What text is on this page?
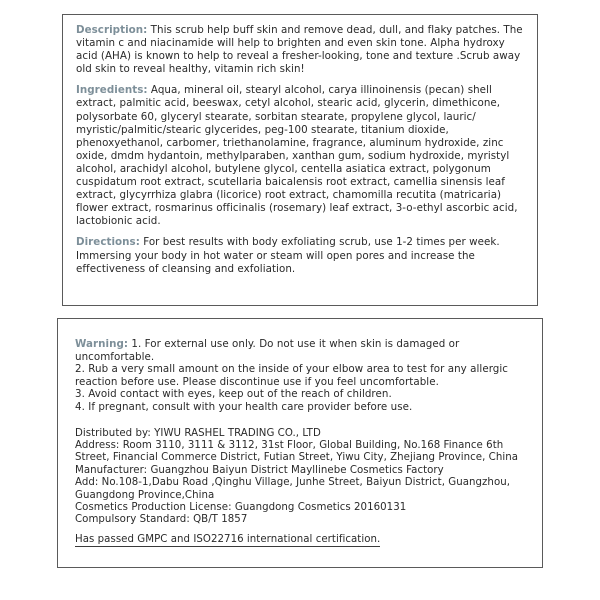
Description: This scrub help buff skin and remove dead, dull, and flaky patches. The vitamin c and niacinamide will help to brighten and even skin tone. Alpha hydroxy acid (AHA) is known to help to reveal a fresher-looking, tone and texture .Scrub away old skin to reveal healthy, vitamin rich skin!

Ingredients: Aqua, mineral oil, stearyl alcohol, carya illinoinensis (pecan) shell extract, palmitic acid, beeswax, cetyl alcohol, stearic acid, glycerin, dimethicone, polysorbate 60, glyceryl stearate, sorbitan stearate, propylene glycol, lauric/ myristic/palmitic/stearic glycerides, peg-100 stearate, titanium dioxide, phenoxyethanol, carbomer, triethanolamine, fragrance, aluminum hydroxide, zinc oxide, dmdm hydantoin, methylparaben, xanthan gum, sodium hydroxide, myristyl alcohol, arachidyl alcohol, butylene glycol, centella asiatica extract, polygonum cuspidatum root extract, scutellaria baicalensis root extract, camellia sinensis leaf extract, glycyrrhiza glabra (licorice) root extract, chamomilla recutita (matricaria) flower extract, rosmarinus officinalis (rosemary) leaf extract, 3-o-ethyl ascorbic acid, lactobionic acid.

Directions: For best results with body exfoliating scrub, use 1-2 times per week. Immersing your body in hot water or steam will open pores and increase the effectiveness of cleansing and exfoliation.

Warning: 1. For external use only. Do not use it when skin is damaged or uncomfortable.
2. Rub a very small amount on the inside of your elbow area to test for any allergic reaction before use. Please discontinue use if you feel uncomfortable.
3. Avoid contact with eyes, keep out of the reach of children.
4. If pregnant, consult with your health care provider before use.
Distributed by: YIWU RASHEL TRADING CO., LTD
Address: Room 3110, 3111 & 3112, 31st Floor, Global Building, No.168 Finance 6th Street, Financial Commerce District, Futian Street, Yiwu City, Zhejiang Province, China
Manufacturer: Guangzhou Baiyun District Mayllinebe Cosmetics Factory
Add: No.108-1,Dabu Road ,Qinghu Village, Junhe Street, Baiyun District, Guangzhou, Guangdong Province,China
Cosmetics Production License: Guangdong Cosmetics 20160131
Compulsory Standard: QB/T 1857
Has passed GMPC and ISO22716 international certification.
